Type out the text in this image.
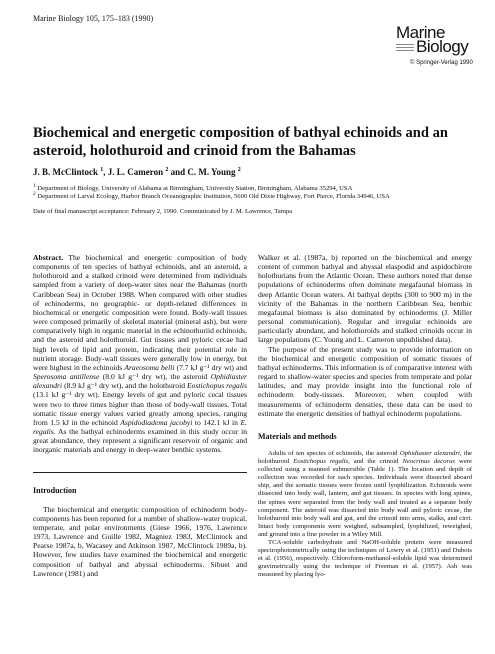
Marine Biology 105, 175–183 (1990)
Marine
Biology
© Springer-Verlag 1990
Biochemical and energetic composition of bathyal echinoids and an asteroid, holothuroid and crinoid from the Bahamas
J. B. McClintock $^1$, J. L. Cameron $^2$ and C. M. Young $^2$
$^1$ Department of Biology, University of Alabama at Birmingham, University Station, Birmingham, Alabama 35294, USA
$^2$ Department of Larval Ecology, Harbor Branch Oceanographic Institution, 5600 Old Dixie Highway, Fort Pierce, Florida 34946, USA
Date of final manuscript acceptance: February 2, 1990. Communicated by J. M. Lawrence, Tampa

Abstract. The biochemical and energetic composition of body components of ten species of bathyal echinoids, and an asteroid, a holothuroid and a stalked crinoid were determined from individuals sampled from a variety of deep-water sites near the Bahamas (north Caribbean Sea) in October 1988. When compared with other studies of echinoderms, no geographic- or depth-related differences in biochemical or energetic composition were found. Body-wall tissues were composed primarily of skeletal material (mineral ash), but were comparatively high in organic material in the echinothuriid echinoids, and the asteroid and holothuroid. Gut tissues and pyloric cecae had high levels of lipid and protein, indicating their potential role in nutrient storage. Body-wall tissues were generally low in energy, but were highest in the echinoids Araeosoma belli (7.7 kJ g⁻¹ dry wt) and Sperosoma antillense (8.0 kJ g⁻¹ dry wt), the asteroid Ophidiaster alexandri (8.9 kJ g⁻¹ dry wt), and the holothuroid Eostichopus regalis (13.1 kJ g⁻¹ dry wt). Energy levels of gut and pyloric cecal tissues were two to three times higher than those of body-wall tissues. Total somatic tissue energy values varied greatly among species, ranging from 1.5 kJ in the echinoid Aspidodiadema jacobyi to 142.1 kJ in E. regalis. As the bathyal echinoderms examined in this study occur in great abundance, they represent a significant reservoir of organic and inorganic materials and energy in deep-water benthic systems.

Introduction

The biochemical and energetic composition of echinoderm body-components has been reported for a number of shallow-water tropical, temperate, and polar environments (Giese 1966, 1976, Lawrence 1973, Lawrence and Guille 1982, Magniez 1983, McClintock and Pearse 1987a, b, Wacasey and Atkinson 1987, McClintock 1989a, b). However, few studies have examined the biochemical and energetic composition of bathyal and abyssal echinoderms. Sibuet and Lawrence (1981) and

Walker et al. (1987a, b) reported on the biochemical and energy content of common bathyal and abyssal elaspodid and aspidochirote holothurians from the Atlantic Ocean. These authors noted that dense populations of echinoderms often dominate megafaunal biomass in deep Atlantic Ocean waters. At bathyal depths (300 to 900 m) in the vicinity of the Bahamas in the northern Caribbean Sea, benthic megafaunal biomass is also dominated by echinoderms (J. Miller personal communication). Regular and irregular echinoids are particularly abundant, and holothuroids and stalked crinoids occur in large populations (C. Young and L. Cameron unpublished data).

The purpose of the present study was to provide information on the biochemical and energetic composition of somatic tissues of bathyal echinoderms. This information is of comparative interest with regard to shallow-water species and species from temperate and polar latitudes, and may provide insight into the functional role of echinoderm body-tissues. Moreover, when coupled with measurements of echinoderm densities, these data can be used to estimate the energetic densities of bathyal echinoderm populations.

Materials and methods

Adults of ten species of echinoids, the asteroid Ophidiaster alexandri, the holothuroid Eostichopus regalis, and the crinoid Neocrinus decorus were collected using a manned submersible (Table 1). The location and depth of collection was recorded for each species. Individuals were dissected aboard ship, and the somatic tissues were frozen until lyophilization. Echinoids were dissected into body wall, lantern, and gut tissues. In species with long spines, the spines were separated from the body wall and treated as a separate body component. The asteroid was dissected into body wall and pyloric cecae, the holothuroid into body wall and gut, and the crinoid into arms, stalks, and cirri. Intact body components were weighed, subsampled, lyophilized, reweighed, and ground into a fine powder in a Wiley Mill.

TCA-soluble carbohydrate and NaOH-soluble protein were measured spectrophotometrically using the techniques of Lowry et al. (1951) and Dubois et al. (1956), respectively. Chloroform-methanol-soluble lipid was determined gravimetrically using the technique of Freeman et al. (1957). Ash was measured by placing lyo-
